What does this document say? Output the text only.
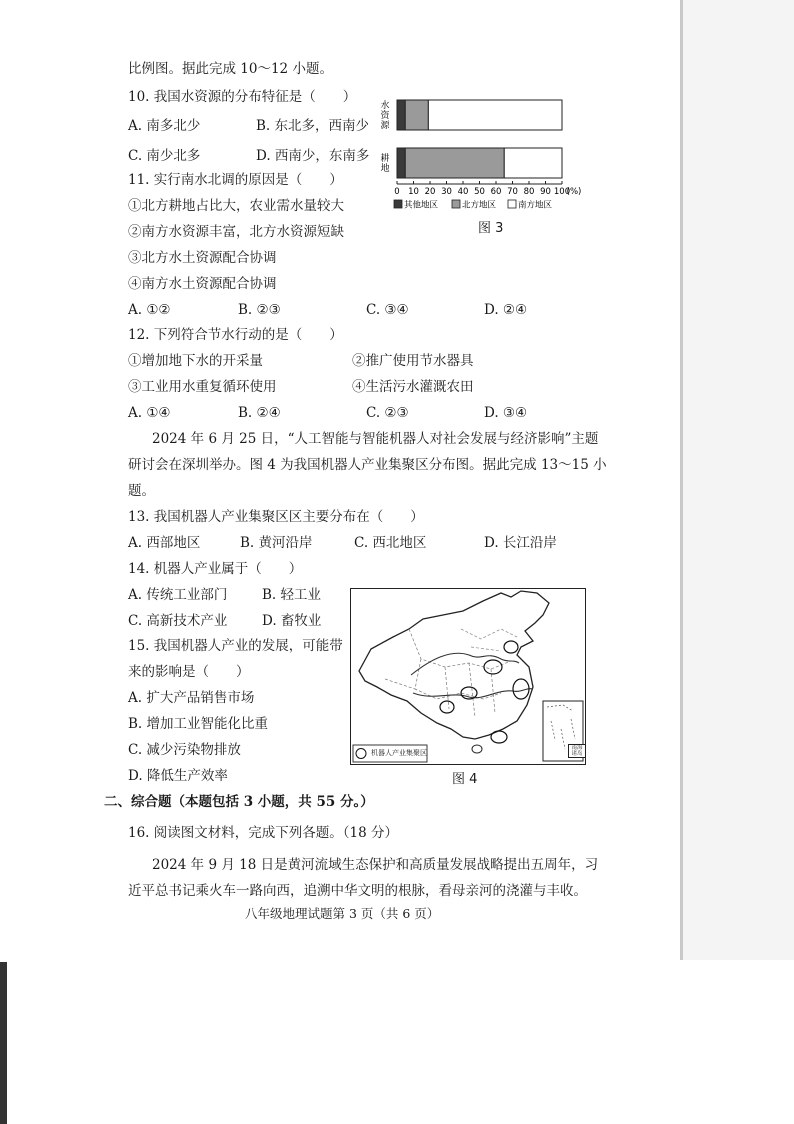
比例图。据此完成 10～12 小题。
10. 我国水资源的分布特征是（　　）
A. 南多北少	B. 东北多，西南少
C. 南少北多	D. 西南少，东南多
11. 实行南水北调的原因是（　　）
①北方耕地占比大，农业需水量较大
②南方水资源丰富，北方水资源短缺
③北方水土资源配合协调
④南方水土资源配合协调
A. ①②	B. ②③	C. ③④	D. ②④
12. 下列符合节水行动的是（　　）
①增加地下水的开采量	②推广使用节水器具
③工业用水重复循环使用	④生活污水灌溉农田
A. ①④	B. ②④	C. ②③	D. ③④
水
资
源
耕
地
0 10 20 30 40 50 60 70 80 90 100
(%)
其他地区	北方地区	南方地区
图 3
2024 年 6 月 25 日，“人工智能与智能机器人对社会发展与经济影响”主题
研讨会在深圳举办。图 4 为我国机器人产业集聚区分布图。据此完成 13～15 小
题。
13. 我国机器人产业集聚区区主要分布在（　　）
A. 西部地区	B. 黄河沿岸	C. 西北地区	D. 长江沿岸
14. 机器人产业属于（　　）
A. 传统工业部门	B. 轻工业
C. 高新技术产业	D. 畜牧业
15. 我国机器人产业的发展，可能带
来的影响是（　　）
A. 扩大产品销售市场
B. 增加工业智能化比重
C. 减少污染物排放
D. 降低生产效率
机器人产业集聚区
南海诸岛
图 4
二、综合题（本题包括 3 小题，共 55 分。）
16. 阅读图文材料，完成下列各题。（18 分）
2024 年 9 月 18 日是黄河流域生态保护和高质量发展战略提出五周年，习
近平总书记乘火车一路向西，追溯中华文明的根脉，看母亲河的浇灌与丰收。
八年级地理试题第 3 页（共 6 页）
